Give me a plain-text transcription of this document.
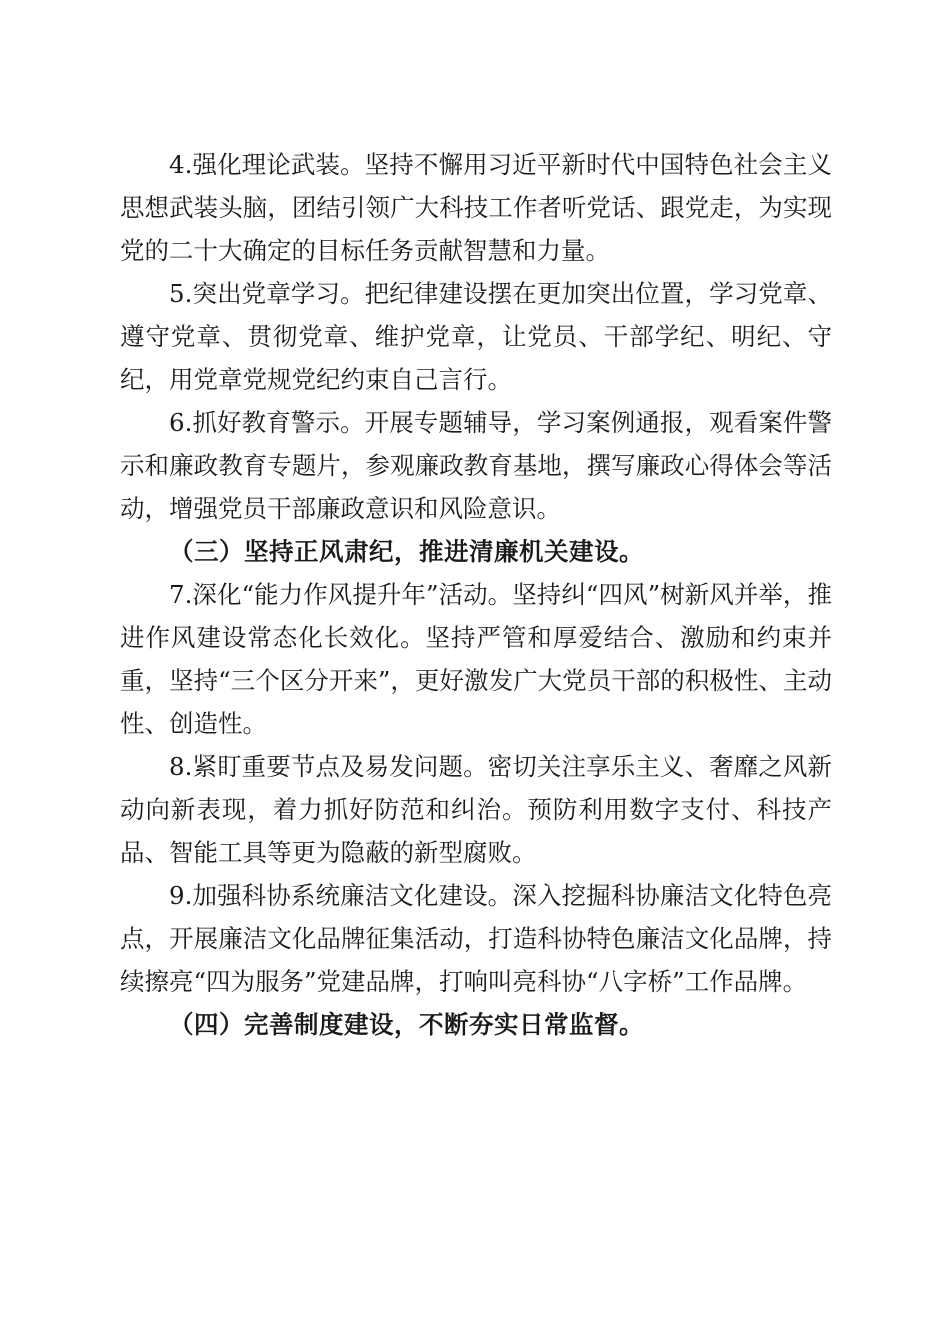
4.强化理论武装。坚持不懈用习近平新时代中国特色社会主义思想武装头脑，团结引领广大科技工作者听党话、跟党走，为实现党的二十大确定的目标任务贡献智慧和力量。

5.突出党章学习。把纪律建设摆在更加突出位置，学习党章、遵守党章、贯彻党章、维护党章，让党员、干部学纪、明纪、守纪，用党章党规党纪约束自己言行。

6.抓好教育警示。开展专题辅导，学习案例通报，观看案件警示和廉政教育专题片，参观廉政教育基地，撰写廉政心得体会等活动，增强党员干部廉政意识和风险意识。

（三）坚持正风肃纪，推进清廉机关建设。

7.深化“能力作风提升年”活动。坚持纠“四风”树新风并举，推进作风建设常态化长效化。坚持严管和厚爱结合、激励和约束并重，坚持“三个区分开来”，更好激发广大党员干部的积极性、主动性、创造性。

8.紧盯重要节点及易发问题。密切关注享乐主义、奢靡之风新动向新表现，着力抓好防范和纠治。预防利用数字支付、科技产品、智能工具等更为隐蔽的新型腐败。

9.加强科协系统廉洁文化建设。深入挖掘科协廉洁文化特色亮点，开展廉洁文化品牌征集活动，打造科协特色廉洁文化品牌，持续擦亮“四为服务”党建品牌，打响叫亮科协“八字桥”工作品牌。

（四）完善制度建设，不断夯实日常监督。
